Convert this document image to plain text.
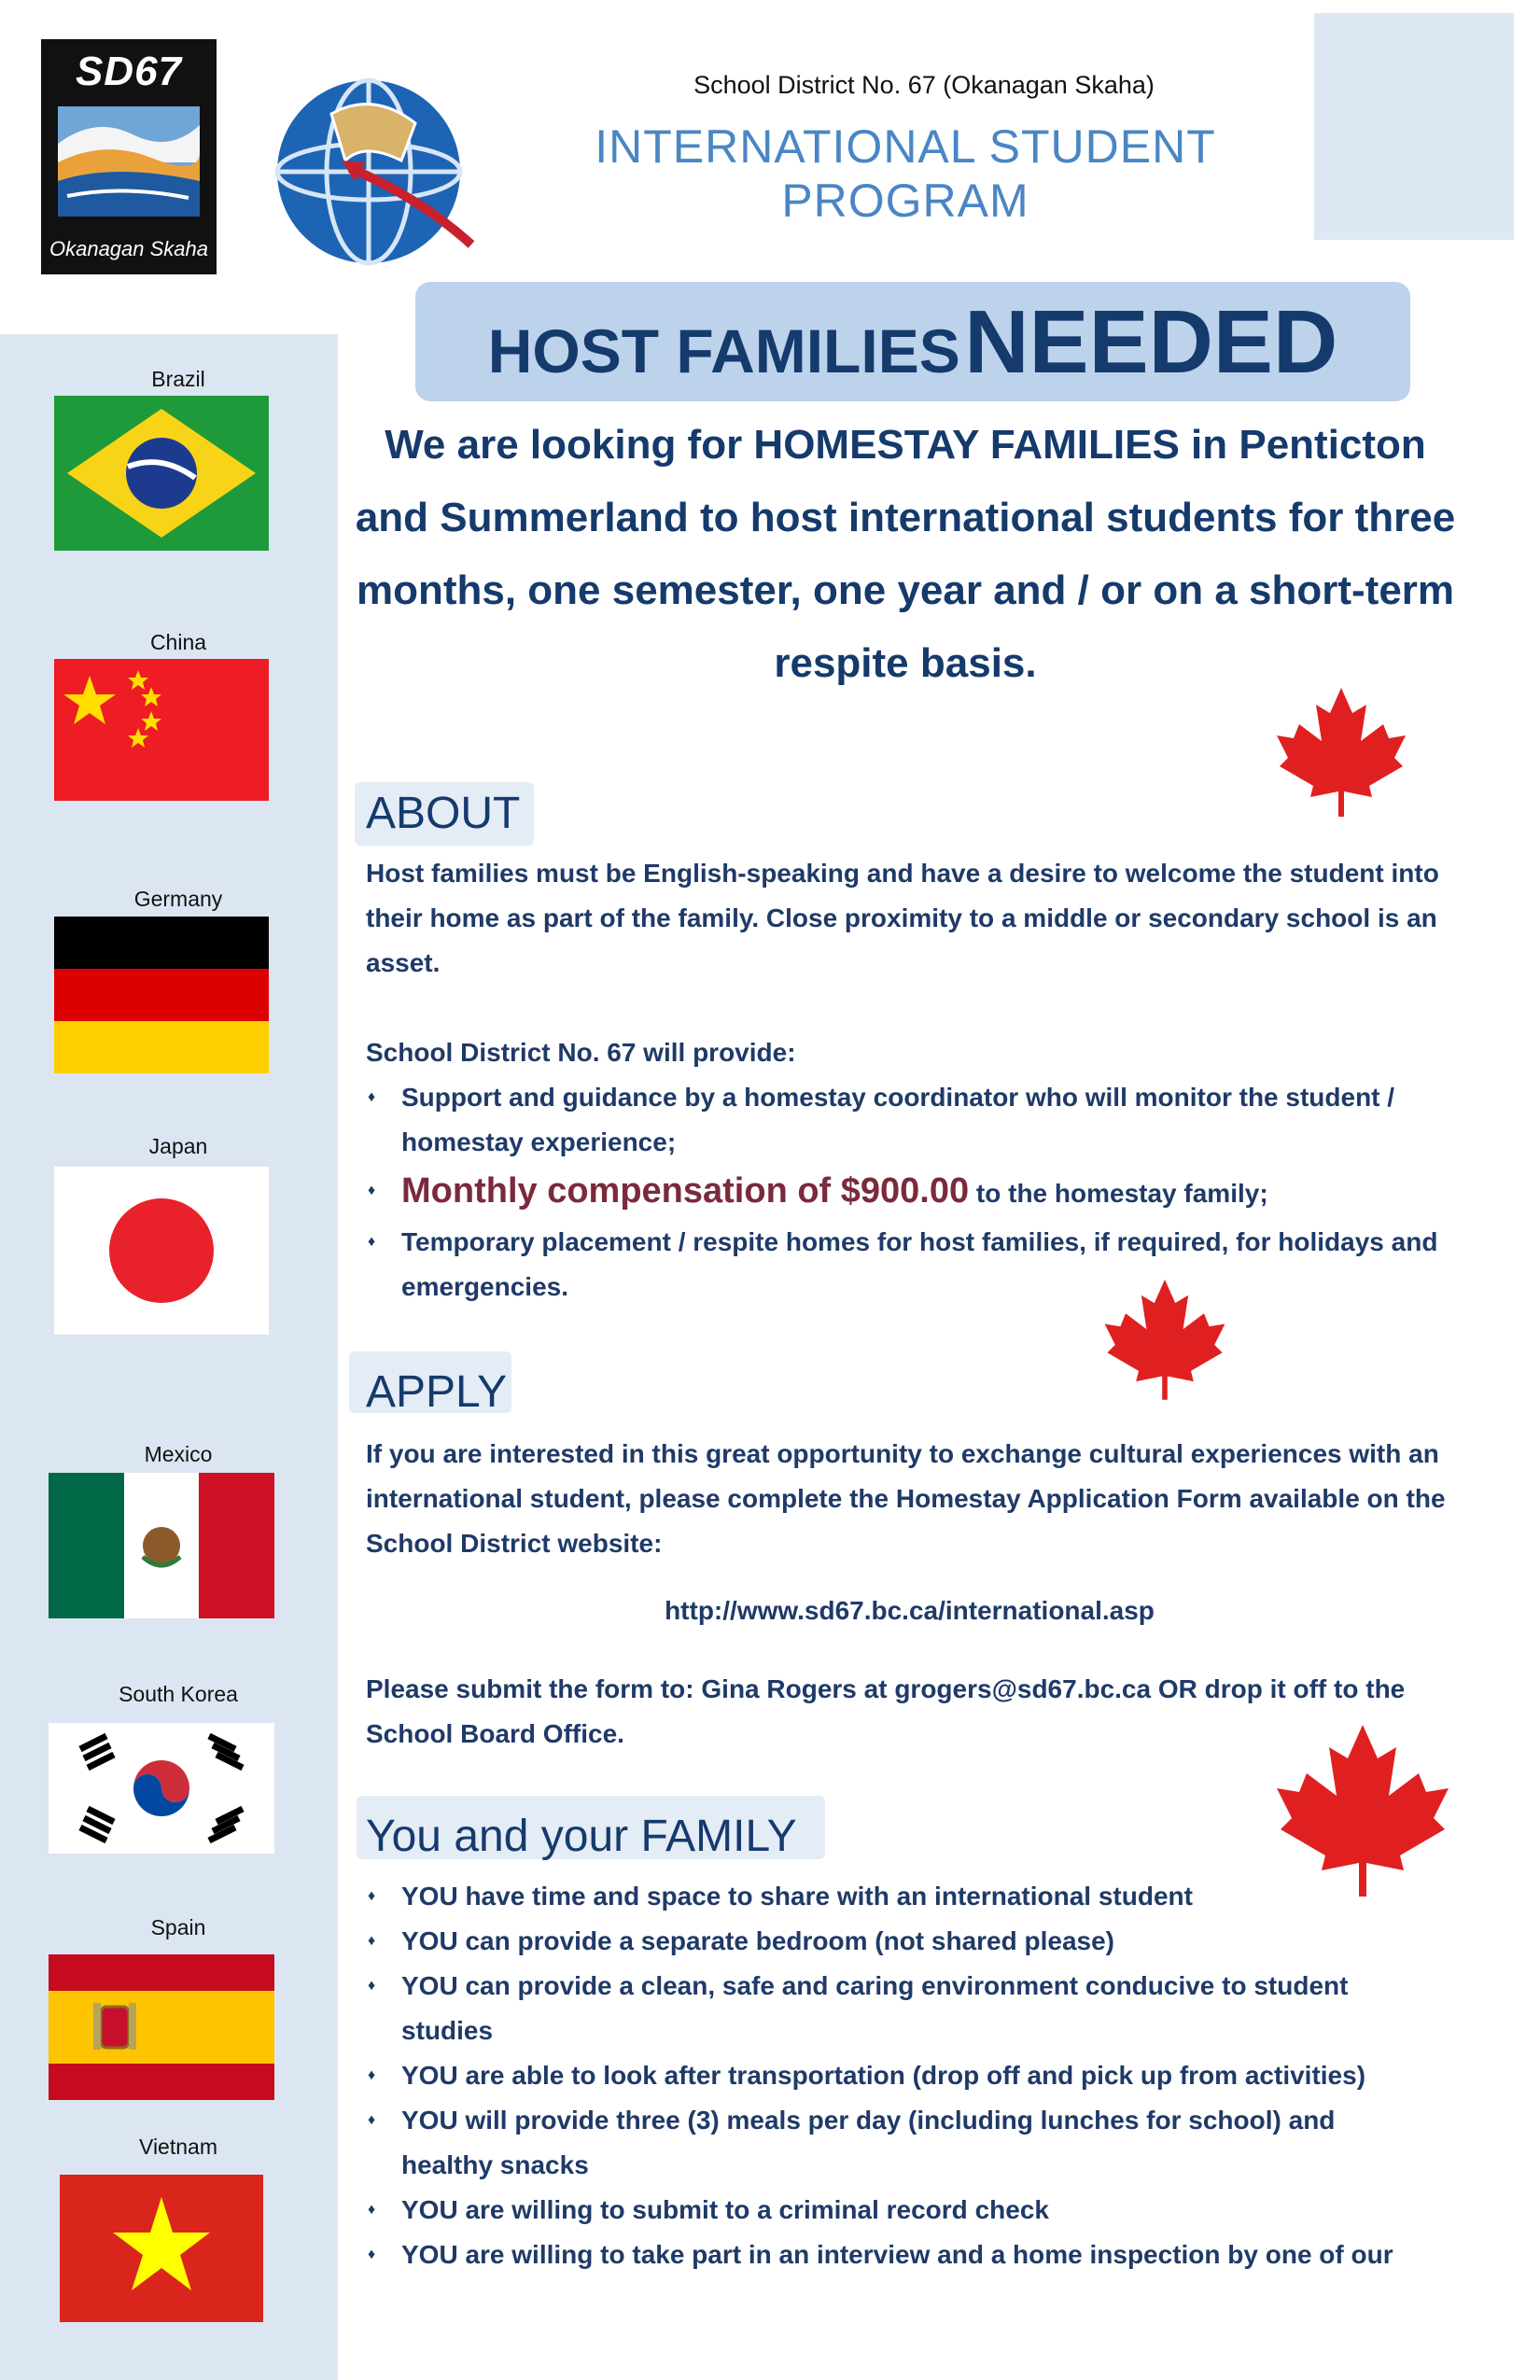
SD67
Okanagan Skaha
School District No. 67 (Okanagan Skaha)
INTERNATIONAL STUDENT PROGRAM
Brazil
China
Germany
Japan
Mexico
South Korea
Spain
Vietnam
HOST FAMILIES NEEDED
We are looking for HOMESTAY FAMILIES in Penticton and Summerland to host international students for three months, one semester, one year and / or on a short-term respite basis.
ABOUT
Host families must be English-speaking and have a desire to welcome the student into their home as part of the family. Close proximity to a middle or secondary school is an asset.
School District No. 67 will provide:
♦ Support and guidance by a homestay coordinator who will monitor the student / homestay experience;
♦ Monthly compensation of $900.00 to the homestay family;
♦ Temporary placement / respite homes for host families, if required, for holidays and emergencies.
APPLY
If you are interested in this great opportunity to exchange cultural experiences with an international student, please complete the Homestay Application Form available on the School District website:
http://www.sd67.bc.ca/international.asp
Please submit the form to: Gina Rogers at grogers@sd67.bc.ca OR drop it off to the School Board Office.
You and your FAMILY
♦ YOU have time and space to share with an international student
♦ YOU can provide a separate bedroom (not shared please)
♦ YOU can provide a clean, safe and caring environment conducive to student studies
♦ YOU are able to look after transportation (drop off and pick up from activities)
♦ YOU will provide three (3) meals per day (including lunches for school) and healthy snacks
♦ YOU are willing to submit to a criminal record check
♦ YOU are willing to take part in an interview and a home inspection by one of our
